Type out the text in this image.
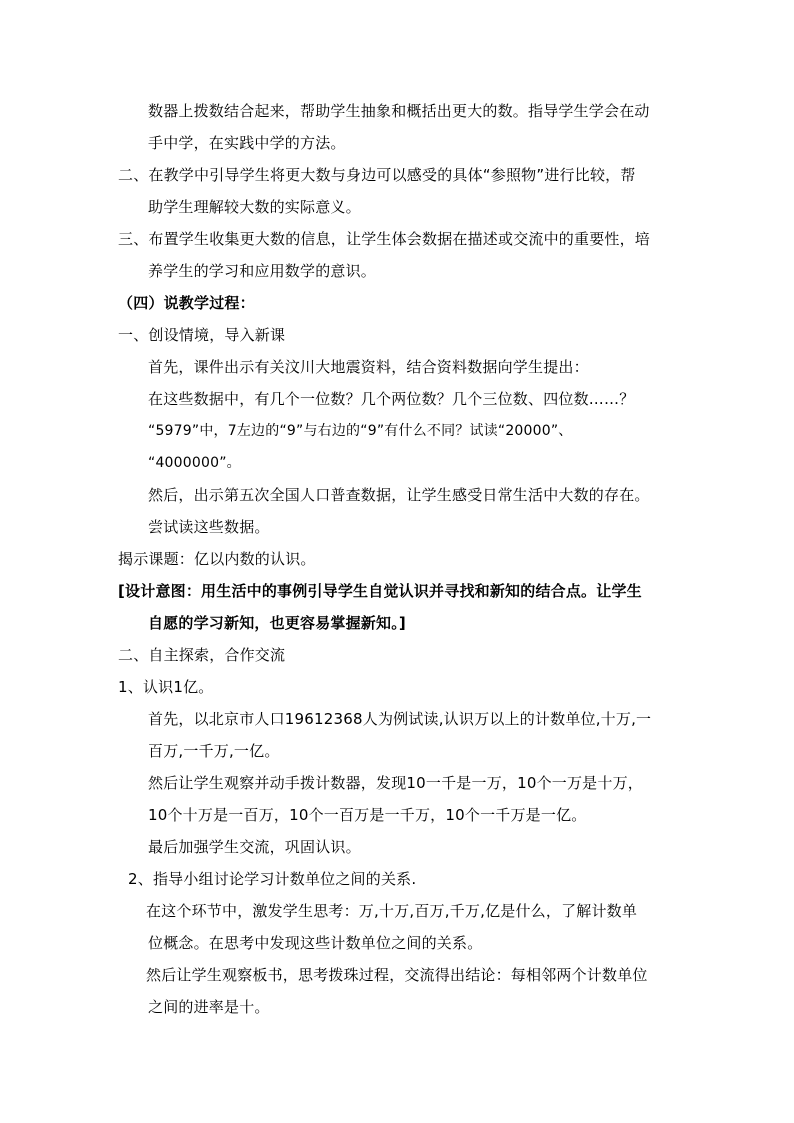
数器上拨数结合起来，帮助学生抽象和概括出更大的数。指导学生学会在动
手中学，在实践中学的方法。
二、在教学中引导学生将更大数与身边可以感受的具体“参照物”进行比较，帮
助学生理解较大数的实际意义。
三、布置学生收集更大数的信息，让学生体会数据在描述或交流中的重要性，培
养学生的学习和应用数学的意识。
（四）说教学过程：
一、创设情境，导入新课
首先，课件出示有关汶川大地震资料，结合资料数据向学生提出：
在这些数据中，有几个一位数？几个两位数？几个三位数、四位数……？
“5979”中，7左边的“9”与右边的“9”有什么不同？试读“20000”、
“4000000”。
然后，出示第五次全国人口普查数据，让学生感受日常生活中大数的存在。
尝试读这些数据。
揭示课题：亿以内数的认识。
[设计意图：用生活中的事例引导学生自觉认识并寻找和新知的结合点。让学生
自愿的学习新知，也更容易掌握新知。]
二、自主探索，合作交流
1、认识1亿。
首先，以北京市人口19612368人为例试读,认识万以上的计数单位,十万,一
百万,一千万,一亿。
然后让学生观察并动手拨计数器，发现10一千是一万，10个一万是十万，
10个十万是一百万，10个一百万是一千万，10个一千万是一亿。
最后加强学生交流，巩固认识。
2、指导小组讨论学习计数单位之间的关系.
在这个环节中，激发学生思考：万,十万,百万,千万,亿是什么，了解计数单
位概念。在思考中发现这些计数单位之间的关系。
然后让学生观察板书，思考拨珠过程，交流得出结论：每相邻两个计数单位
之间的进率是十。
